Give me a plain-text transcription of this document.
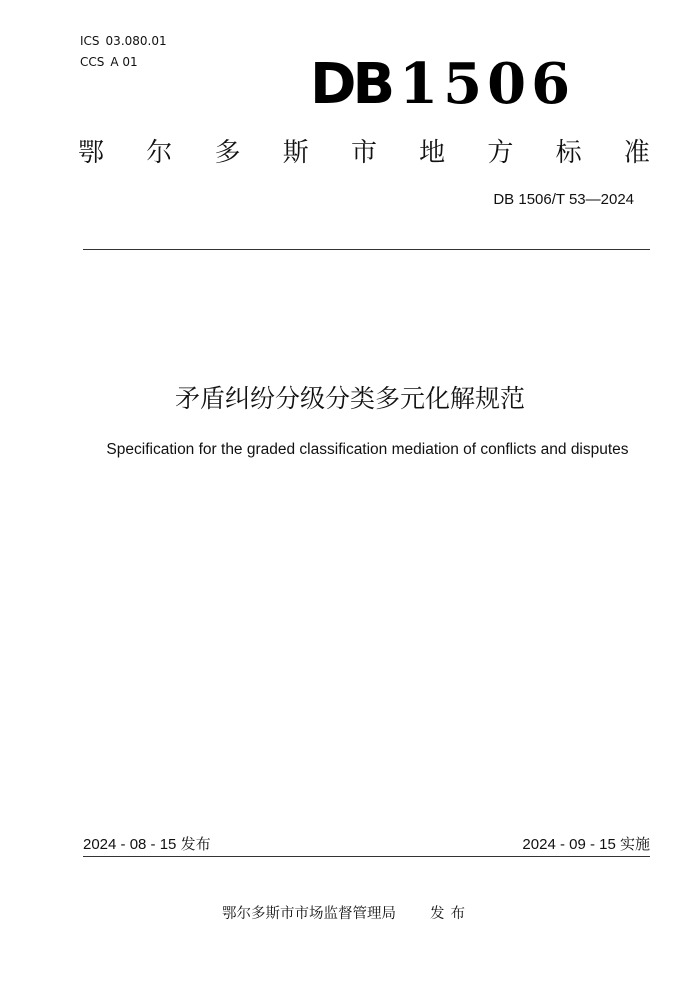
ICS 03.080.01
CCS A 01	DB 1506
鄂 尔 多 斯 市 地 方 标 准
DB 1506/T 53—2024
矛盾纠纷分级分类多元化解规范
Specification for the graded classification mediation of conflicts and disputes
2024 - 08 - 15 发布	2024 - 09 - 15 实施
鄂尔多斯市市场监督管理局 发布
